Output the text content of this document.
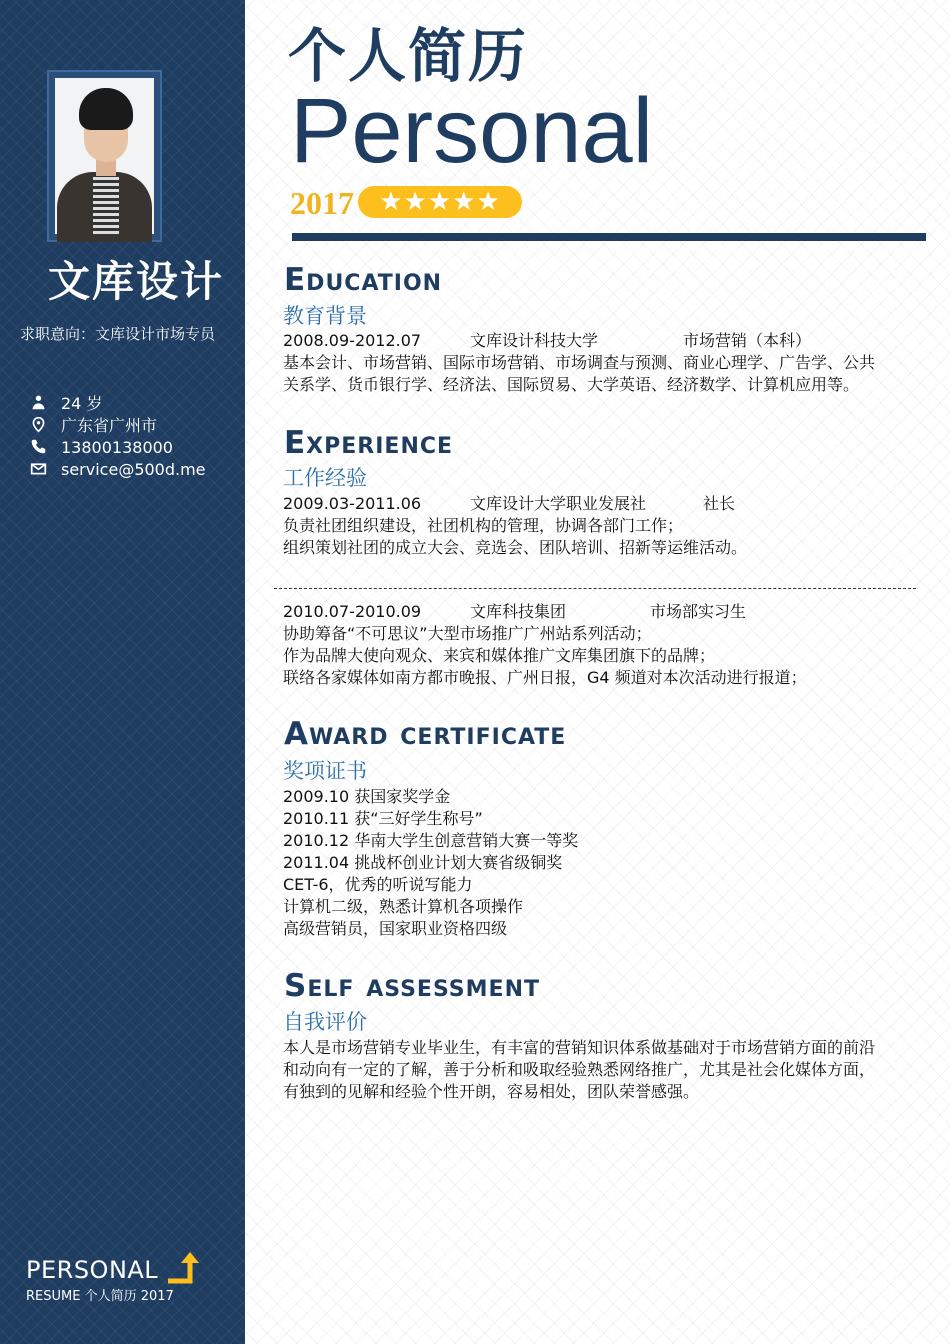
文库设计
求职意向：文库设计市场专员
24 岁
广东省广州市
13800138000
service@500d.me
PERSONAL
RESUME 个人简历 2017
个人简历
Personal
2017 ★★★★★
Education
教育背景
2008.09-2012.07	文库设计科技大学	市场营销（本科）
基本会计、市场营销、国际市场营销、市场调查与预测、商业心理学、广告学、公共
关系学、货币银行学、经济法、国际贸易、大学英语、经济数学、计算机应用等。
Experience
工作经验
2009.03-2011.06	文库设计大学职业发展社	社长
负责社团组织建设，社团机构的管理，协调各部门工作；
组织策划社团的成立大会、竞选会、团队培训、招新等运维活动。
2010.07-2010.09	文库科技集团	市场部实习生
协助筹备“不可思议”大型市场推广广州站系列活动；
作为品牌大使向观众、来宾和媒体推广文库集团旗下的品牌；
联络各家媒体如南方都市晚报、广州日报，G4 频道对本次活动进行报道；
Award certificate
奖项证书
2009.10 获国家奖学金
2010.11 获“三好学生称号”
2010.12 华南大学生创意营销大赛一等奖
2011.04 挑战杯创业计划大赛省级铜奖
CET-6，优秀的听说写能力
计算机二级，熟悉计算机各项操作
高级营销员，国家职业资格四级
Self assessment
自我评价
本人是市场营销专业毕业生，有丰富的营销知识体系做基础对于市场营销方面的前沿
和动向有一定的了解，善于分析和吸取经验熟悉网络推广，尤其是社会化媒体方面，
有独到的见解和经验个性开朗，容易相处，团队荣誉感强。
